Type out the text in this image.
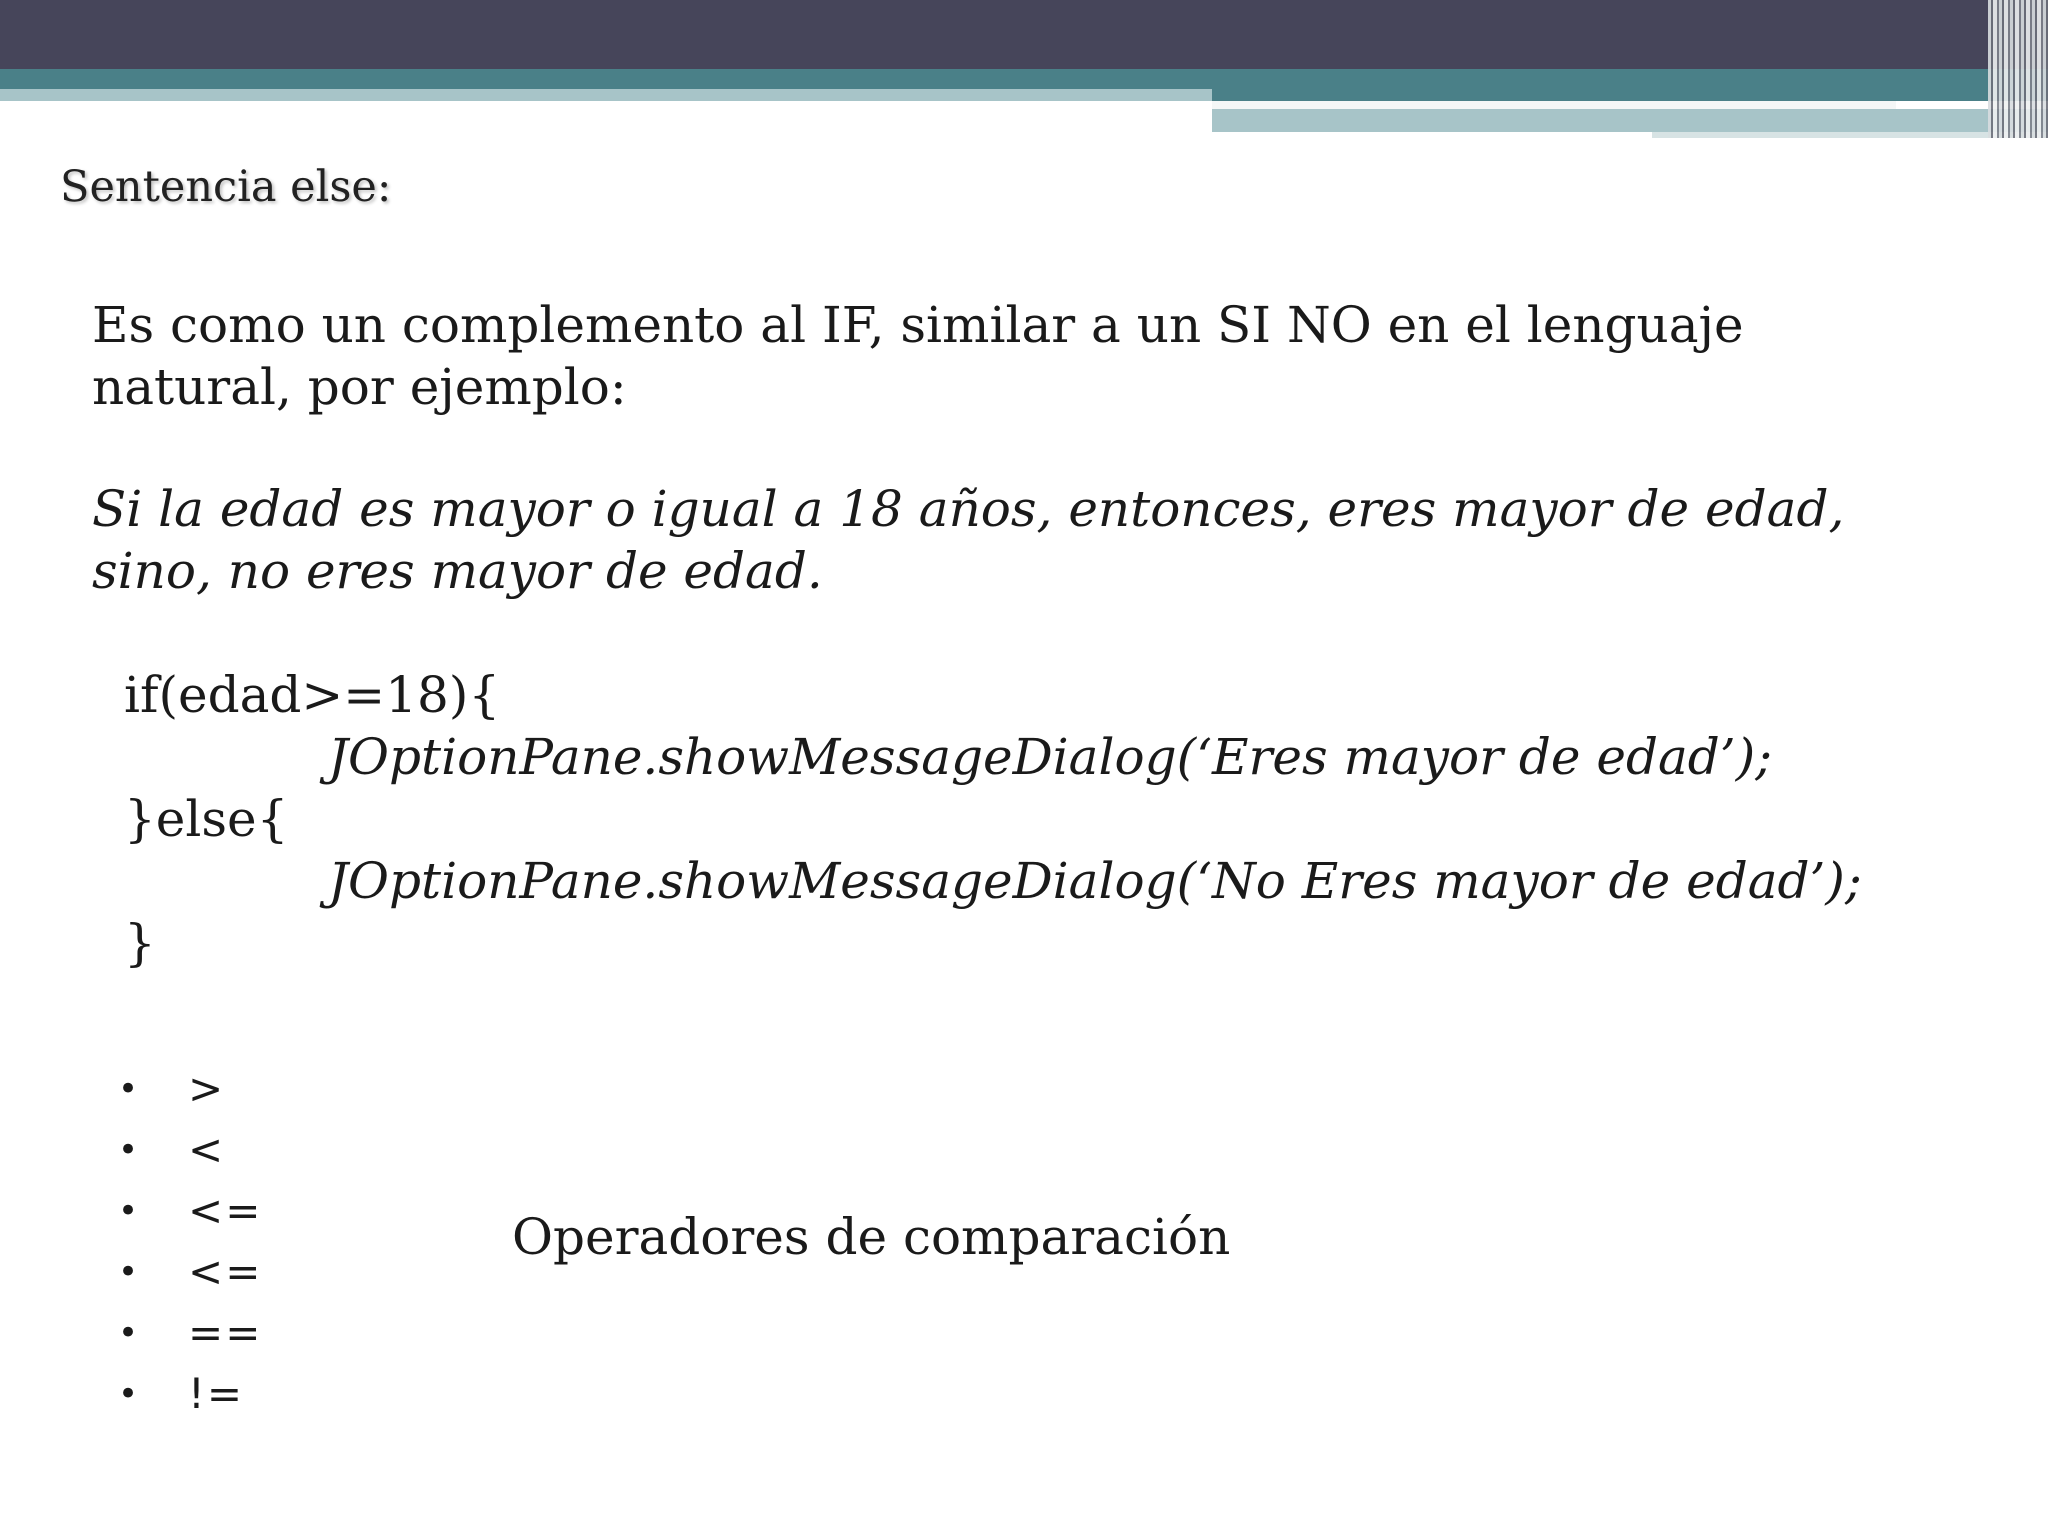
Sentencia else:
Es como un complemento al IF, similar a un SI NO en el lenguaje natural, por ejemplo:
Si la edad es mayor o igual a 18 años, entonces, eres mayor de edad, sino, no eres mayor de edad.
if(edad>=18){
JOptionPane.showMessageDialog(‘Eres mayor de edad’);
}else{
JOptionPane.showMessageDialog(‘No Eres mayor de edad’);
}
•	>
•	<
•	<=
•	<=
•	==
•	!=
Operadores de comparación
